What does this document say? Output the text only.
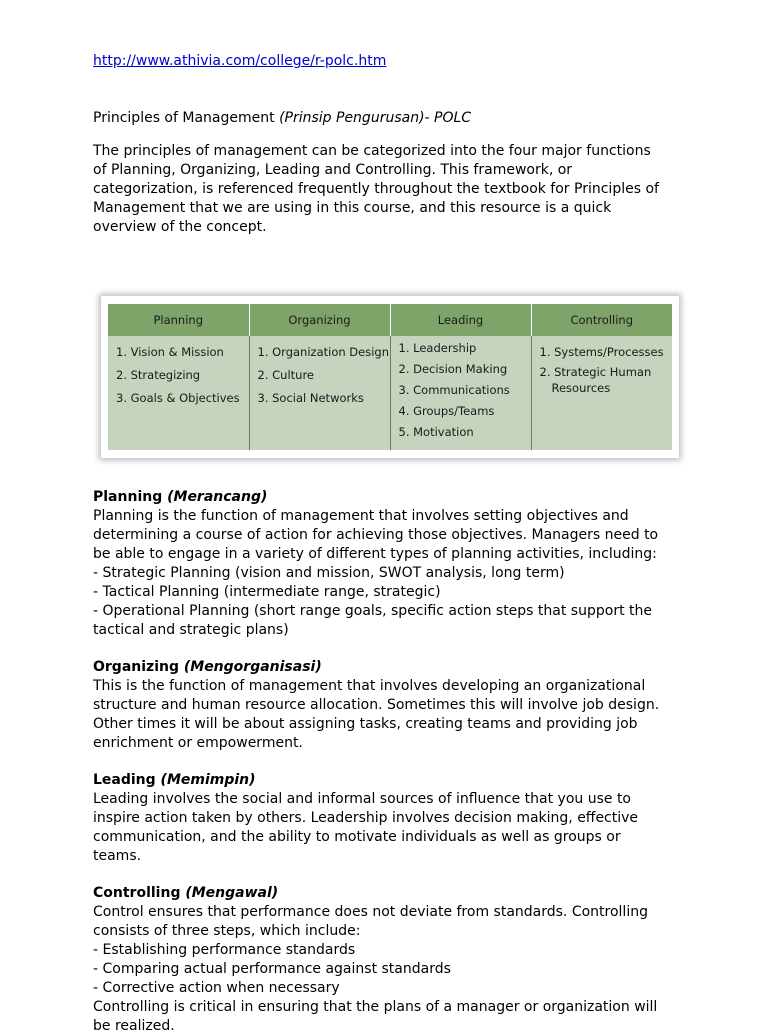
http://www.athivia.com/college/r-polc.htm
Principles of Management (Prinsip Pengurusan)- POLC
The principles of management can be categorized into the four major functions
of Planning, Organizing, Leading and Controlling. This framework, or
categorization, is referenced frequently throughout the textbook for Principles of
Management that we are using in this course, and this resource is a quick
overview of the concept.
Planning	Organizing	Leading	Controlling

1. Vision & Mission
2. Strategizing
3. Goals & Objectives	1. Organization Design
2. Culture
3. Social Networks	1. Leadership
2. Decision Making
3. Communications
4. Groups/Teams
5. Motivation	1. Systems/Processes
2. Strategic Human
Resources
Planning (Merancang)
Planning is the function of management that involves setting objectives and
determining a course of action for achieving those objectives. Managers need to
be able to engage in a variety of different types of planning activities, including:
- Strategic Planning (vision and mission, SWOT analysis, long term)
- Tactical Planning (intermediate range, strategic)
- Operational Planning (short range goals, specific action steps that support the
tactical and strategic plans)
Organizing (Mengorganisasi)
This is the function of management that involves developing an organizational
structure and human resource allocation. Sometimes this will involve job design.
Other times it will be about assigning tasks, creating teams and providing job
enrichment or empowerment.
Leading (Memimpin)
Leading involves the social and informal sources of influence that you use to
inspire action taken by others. Leadership involves decision making, effective
communication, and the ability to motivate individuals as well as groups or
teams.
Controlling (Mengawal)
Control ensures that performance does not deviate from standards. Controlling
consists of three steps, which include:
- Establishing performance standards
- Comparing actual performance against standards
- Corrective action when necessary
Controlling is critical in ensuring that the plans of a manager or organization will
be realized.
